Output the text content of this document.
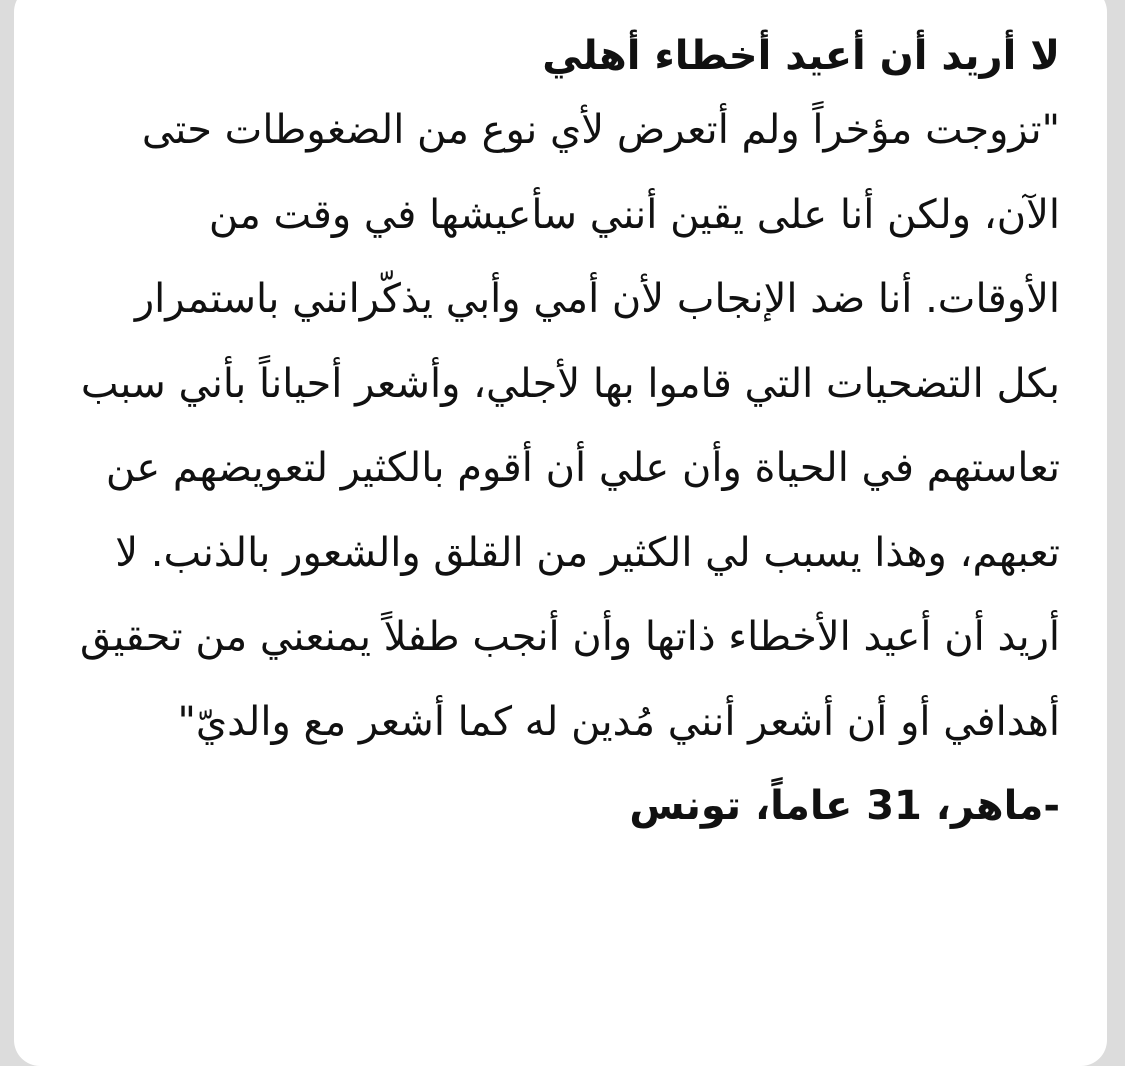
لا أريد أن أعيد أخطاء أهلي

"تزوجت مؤخراً ولم أتعرض لأي نوع من الضغوطات حتى الآن، ولكن أنا على يقين أنني سأعيشها في وقت من الأوقات. أنا ضد الإنجاب لأن أمي وأبي يذكّرانني باستمرار بكل التضحيات التي قاموا بها لأجلي، وأشعر أحياناً بأني سبب تعاستهم في الحياة وأن علي أن أقوم بالكثير لتعويضهم عن تعبهم، وهذا يسبب لي الكثير من القلق والشعور بالذنب. لا أريد أن أعيد الأخطاء ذاتها وأن أنجب طفلاً يمنعني من تحقيق أهدافي أو أن أشعر أنني مُدين له كما أشعر مع والديّ" -ماهر، 31 عاماً، تونس
